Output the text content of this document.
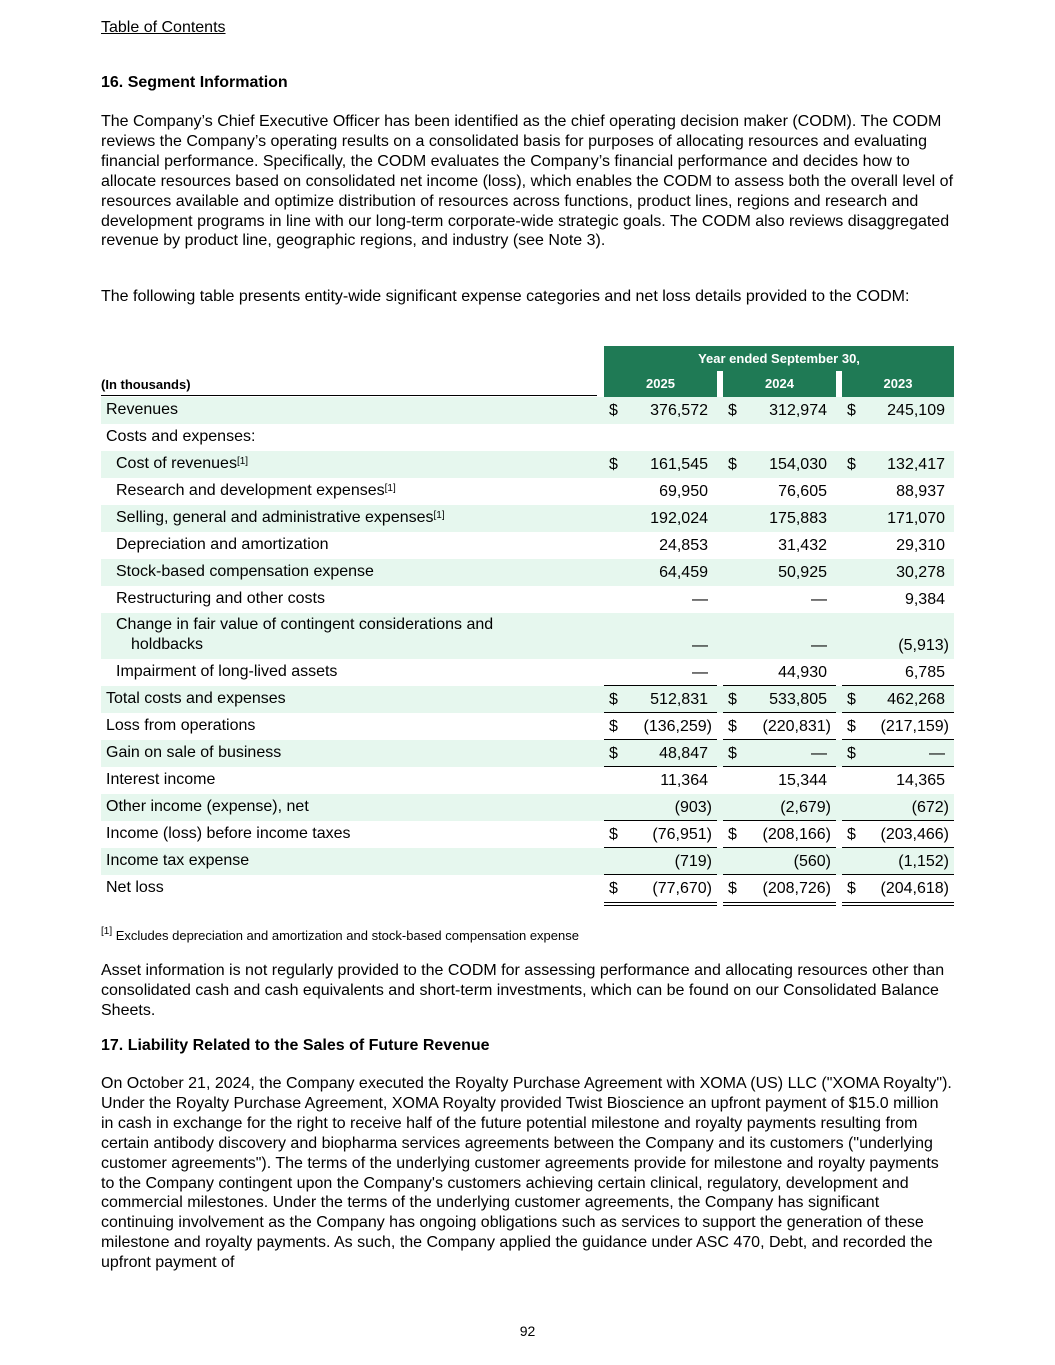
Table of Contents
16. Segment Information

The Company’s Chief Executive Officer has been identified as the chief operating decision maker (CODM). The CODM reviews the Company’s operating results on a consolidated basis for purposes of allocating resources and evaluating financial performance. Specifically, the CODM evaluates the Company’s financial performance and decides how to allocate resources based on consolidated net income (loss), which enables the CODM to assess both the overall level of resources available and optimize distribution of resources across functions, product lines, regions and research and development programs in line with our long-term corporate-wide strategic goals. The CODM also reviews disaggregated revenue by product line, geographic regions, and industry (see Note 3).

The following table presents entity-wide significant expense categories and net loss details provided to the CODM:

Year ended September 30,
(In thousands)	2025	2024	2023
Revenues	$	376,572 $	312,974 $	245,109
Costs and expenses:
Cost of revenues[1]	$	161,545 $	154,030 $	132,417
Research and development expenses[1]	69,950	76,605	88,937
Selling, general and administrative expenses[1]	192,024	175,883	171,070
Depreciation and amortization	24,853	31,432	29,310
Stock-based compensation expense	64,459	50,925	30,278
Restructuring and other costs	—	—	9,384
Change in fair value of contingent considerations and
holdbacks	—	—	(5,913)
Impairment of long-lived assets	—	44,930	6,785
Total costs and expenses	$	512,831 $	533,805 $	462,268
Loss from operations	$	(136,259) $	(220,831) $	(217,159)
Gain on sale of business	$	48,847 $	— $	—
Interest income	11,364	15,344	14,365
Other income (expense), net	(903)	(2,679)	(672)
Income (loss) before income taxes	$	(76,951) $	(208,166) $	(203,466)
Income tax expense	(719)	(560)	(1,152)
Net loss	$	(77,670) $	(208,726) $	(204,618)
[1] Excludes depreciation and amortization and stock-based compensation expense

Asset information is not regularly provided to the CODM for assessing performance and allocating resources other than consolidated cash and cash equivalents and short-term investments, which can be found on our Consolidated Balance Sheets.

17. Liability Related to the Sales of Future Revenue

On October 21, 2024, the Company executed the Royalty Purchase Agreement with XOMA (US) LLC ("XOMA Royalty"). Under the Royalty Purchase Agreement, XOMA Royalty provided Twist Bioscience an upfront payment of $15.0 million in cash in exchange for the right to receive half of the future potential milestone and royalty payments resulting from certain antibody discovery and biopharma services agreements between the Company and its customers ("underlying customer agreements"). The terms of the underlying customer agreements provide for milestone and royalty payments to the Company contingent upon the Company's customers achieving certain clinical, regulatory, development and commercial milestones. Under the terms of the underlying customer agreements, the Company has significant continuing involvement as the Company has ongoing obligations such as services to support the generation of these milestone and royalty payments. As such, the Company applied the guidance under ASC 470, Debt, and recorded the upfront payment of

92
